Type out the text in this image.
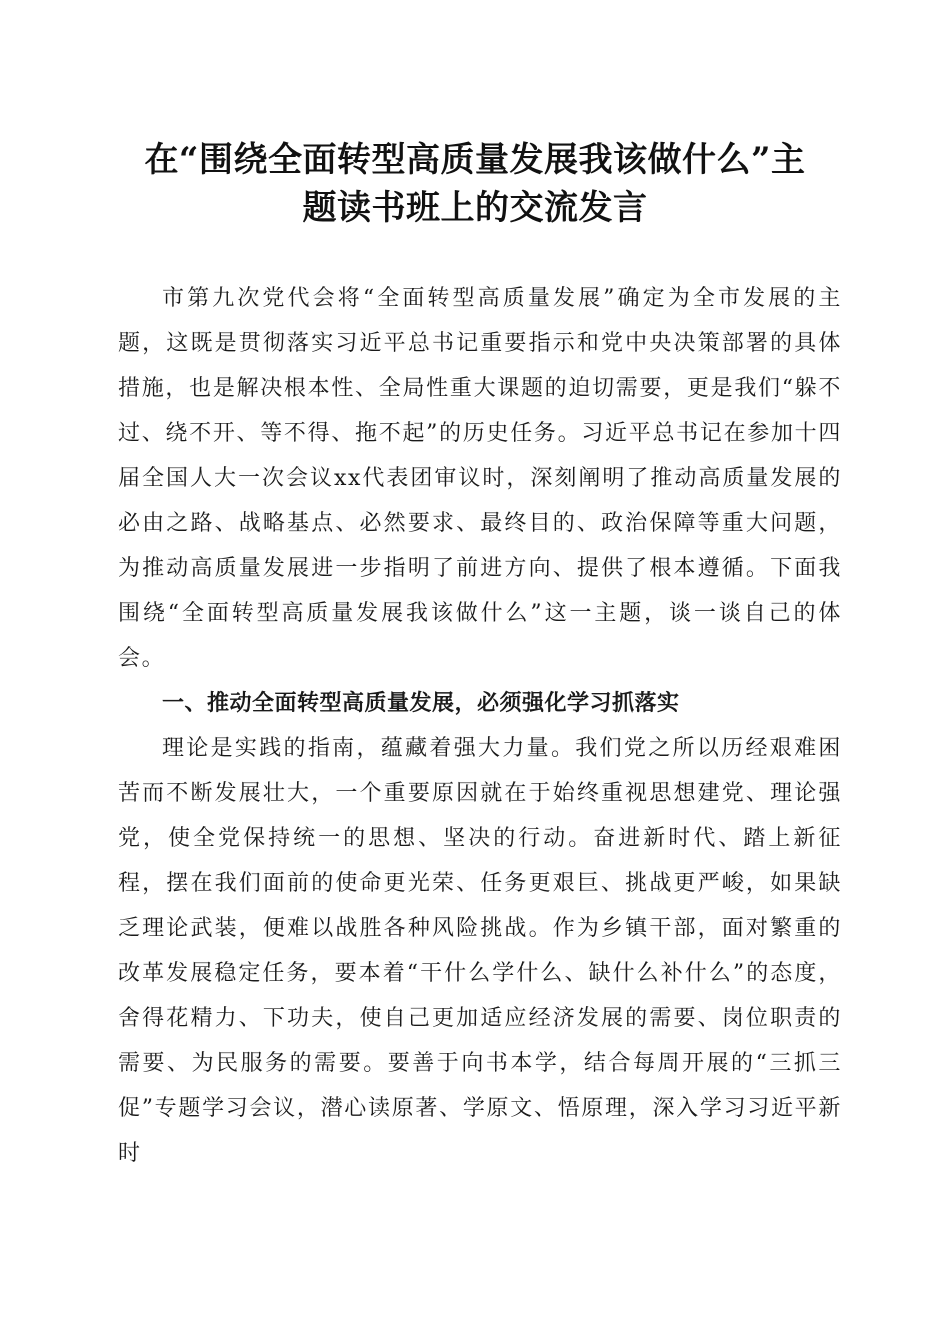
在“围绕全面转型高质量发展我该做什么”主
题读书班上的交流发言

市第九次党代会将“全面转型高质量发展”确定为全市发展的主题，这既是贯彻落实习近平总书记重要指示和党中央决策部署的具体措施，也是解决根本性、全局性重大课题的迫切需要，更是我们“躲不过、绕不开、等不得、拖不起”的历史任务。习近平总书记在参加十四届全国人大一次会议xx代表团审议时，深刻阐明了推动高质量发展的必由之路、战略基点、必然要求、最终目的、政治保障等重大问题，为推动高质量发展进一步指明了前进方向、提供了根本遵循。下面我围绕“全面转型高质量发展我该做什么”这一主题，谈一谈自己的体会。

一、推动全面转型高质量发展，必须强化学习抓落实

理论是实践的指南，蕴藏着强大力量。我们党之所以历经艰难困苦而不断发展壮大，一个重要原因就在于始终重视思想建党、理论强党，使全党保持统一的思想、坚决的行动。奋进新时代、踏上新征程，摆在我们面前的使命更光荣、任务更艰巨、挑战更严峻，如果缺乏理论武装，便难以战胜各种风险挑战。作为乡镇干部，面对繁重的改革发展稳定任务，要本着“干什么学什么、缺什么补什么”的态度，舍得花精力、下功夫，使自己更加适应经济发展的需要、岗位职责的需要、为民服务的需要。要善于向书本学，结合每周开展的“三抓三促”专题学习会议，潜心读原著、学原文、悟原理，深入学习习近平新时
